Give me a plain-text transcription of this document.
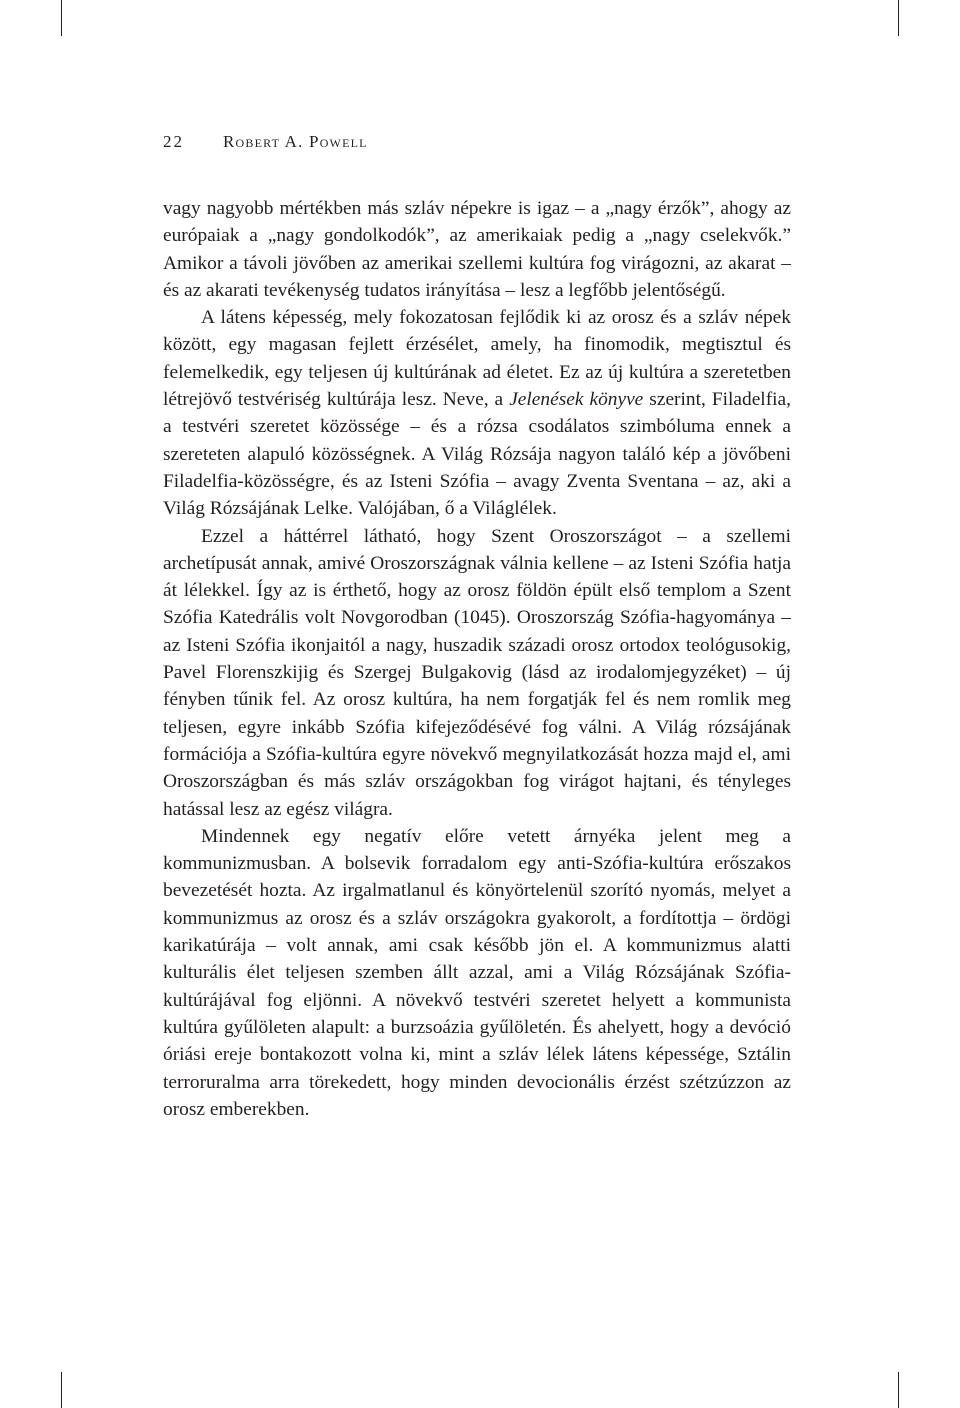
22 Robert A. Powell

vagy nagyobb mértékben más szláv népekre is igaz – a „nagy érzők”, ahogy az európaiak a „nagy gondolkodók”, az amerikaiak pedig a „nagy cselekvők.” Amikor a távoli jövőben az amerikai szellemi kultúra fog virágozni, az akarat – és az akarati tevékenység tudatos irányítása – lesz a legfőbb jelentőségű.

A látens képesség, mely fokozatosan fejlődik ki az orosz és a szláv népek között, egy magasan fejlett érzésélet, amely, ha finomodik, megtisztul és felemelkedik, egy teljesen új kultúrának ad életet. Ez az új kultúra a szeretetben létrejövő testvériség kultúrája lesz. Neve, a Jelenések könyve szerint, Filadelfia, a testvéri szeretet közössége – és a rózsa csodálatos szimbóluma ennek a szereteten alapuló közösségnek. A Világ Rózsája nagyon találó kép a jövőbeni Filadelfia-közösségre, és az Isteni Szófia – avagy Zventa Sventana – az, aki a Világ Rózsájának Lelke. Valójában, ő a Világlélek.

Ezzel a háttérrel látható, hogy Szent Oroszországot – a szellemi archetípusát annak, amivé Oroszországnak válnia kellene – az Isteni Szófia hatja át lélekkel. Így az is érthető, hogy az orosz földön épült első templom a Szent Szófia Katedrális volt Novgorodban (1045). Oroszország Szófia-hagyománya – az Isteni Szófia ikonjaitól a nagy, huszadik századi orosz ortodox teológusokig, Pavel Florenszkijig és Szergej Bulgakovig (lásd az irodalomjegyzéket) – új fényben tűnik fel. Az orosz kultúra, ha nem forgatják fel és nem romlik meg teljesen, egyre inkább Szófia kifejeződésévé fog válni. A Világ rózsájának formációja a Szófia-kultúra egyre növekvő megnyilatkozását hozza majd el, ami Oroszországban és más szláv országokban fog virágot hajtani, és tényleges hatással lesz az egész világra.

Mindennek egy negatív előre vetett árnyéka jelent meg a kommunizmusban. A bolsevik forradalom egy anti-Szófia-kultúra erőszakos bevezetését hozta. Az irgalmatlanul és könyörtelenül szorító nyomás, melyet a kommunizmus az orosz és a szláv országokra gyakorolt, a fordítottja – ördögi karikatúrája – volt annak, ami csak később jön el. A kommunizmus alatti kulturális élet teljesen szemben állt azzal, ami a Világ Rózsájának Szófia-kultúrájával fog eljönni. A növekvő testvéri szeretet helyett a kommunista kultúra gyűlöleten alapult: a burzsoázia gyűlöletén. És ahelyett, hogy a devóció óriási ereje bontakozott volna ki, mint a szláv lélek látens képessége, Sztálin terroruralma arra törekedett, hogy minden devocionális érzést szétzúzzon az orosz emberekben.
